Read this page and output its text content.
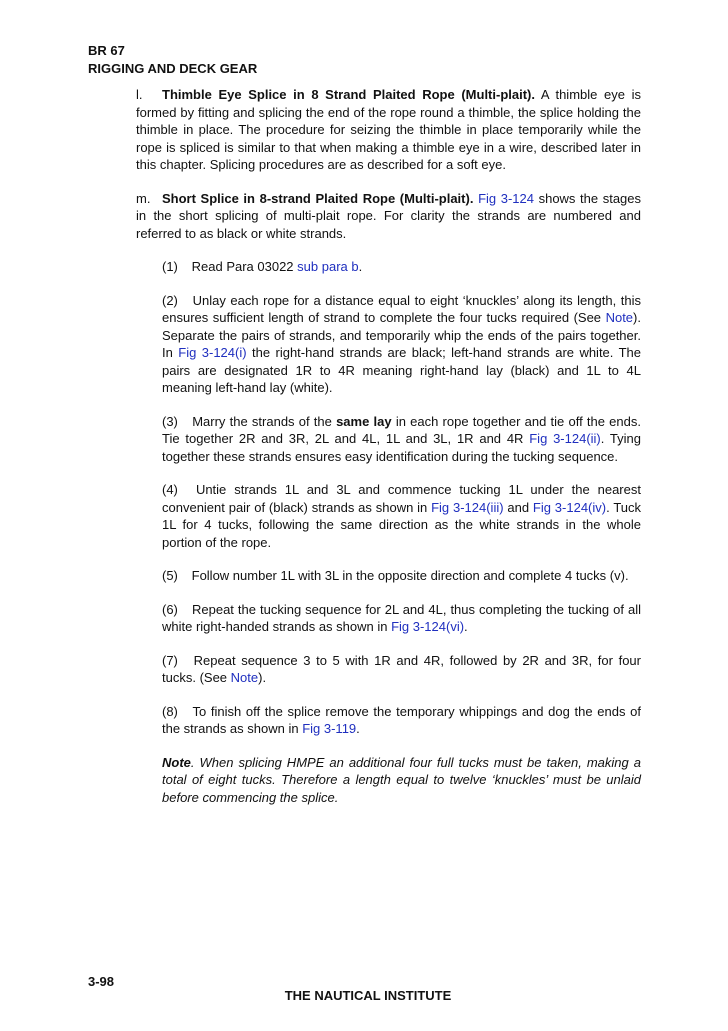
BR 67
RIGGING AND DECK GEAR

l. Thimble Eye Splice in 8 Strand Plaited Rope (Multi-plait). A thimble eye is formed by fitting and splicing the end of the rope round a thimble, the splice holding the thimble in place. The procedure for seizing the thimble in place temporarily while the rope is spliced is similar to that when making a thimble eye in a wire, described later in this chapter. Splicing procedures are as described for a soft eye.

m. Short Splice in 8-strand Plaited Rope (Multi-plait). Fig 3-124 shows the stages in the short splicing of multi-plait rope. For clarity the strands are numbered and referred to as black or white strands.

(1) Read Para 03022 sub para b.

(2) Unlay each rope for a distance equal to eight ‘knuckles’ along its length, this ensures sufficient length of strand to complete the four tucks required (See Note). Separate the pairs of strands, and temporarily whip the ends of the pairs together. In Fig 3-124(i) the right-hand strands are black; left-hand strands are white. The pairs are designated 1R to 4R meaning right-hand lay (black) and 1L to 4L meaning left-hand lay (white).

(3) Marry the strands of the same lay in each rope together and tie off the ends. Tie together 2R and 3R, 2L and 4L, 1L and 3L, 1R and 4R Fig 3-124(ii). Tying together these strands ensures easy identification during the tucking sequence.

(4) Untie strands 1L and 3L and commence tucking 1L under the nearest convenient pair of (black) strands as shown in Fig 3-124(iii) and Fig 3-124(iv). Tuck 1L for 4 tucks, following the same direction as the white strands in the whole portion of the rope.

(5) Follow number 1L with 3L in the opposite direction and complete 4 tucks (v).

(6) Repeat the tucking sequence for 2L and 4L, thus completing the tucking of all white right-handed strands as shown in Fig 3-124(vi).

(7) Repeat sequence 3 to 5 with 1R and 4R, followed by 2R and 3R, for four tucks. (See Note).

(8) To finish off the splice remove the temporary whippings and dog the ends of the strands as shown in Fig 3-119.

Note. When splicing HMPE an additional four full tucks must be taken, making a total of eight tucks. Therefore a length equal to twelve ‘knuckles’ must be unlaid before commencing the splice.

3-98
THE NAUTICAL INSTITUTE
